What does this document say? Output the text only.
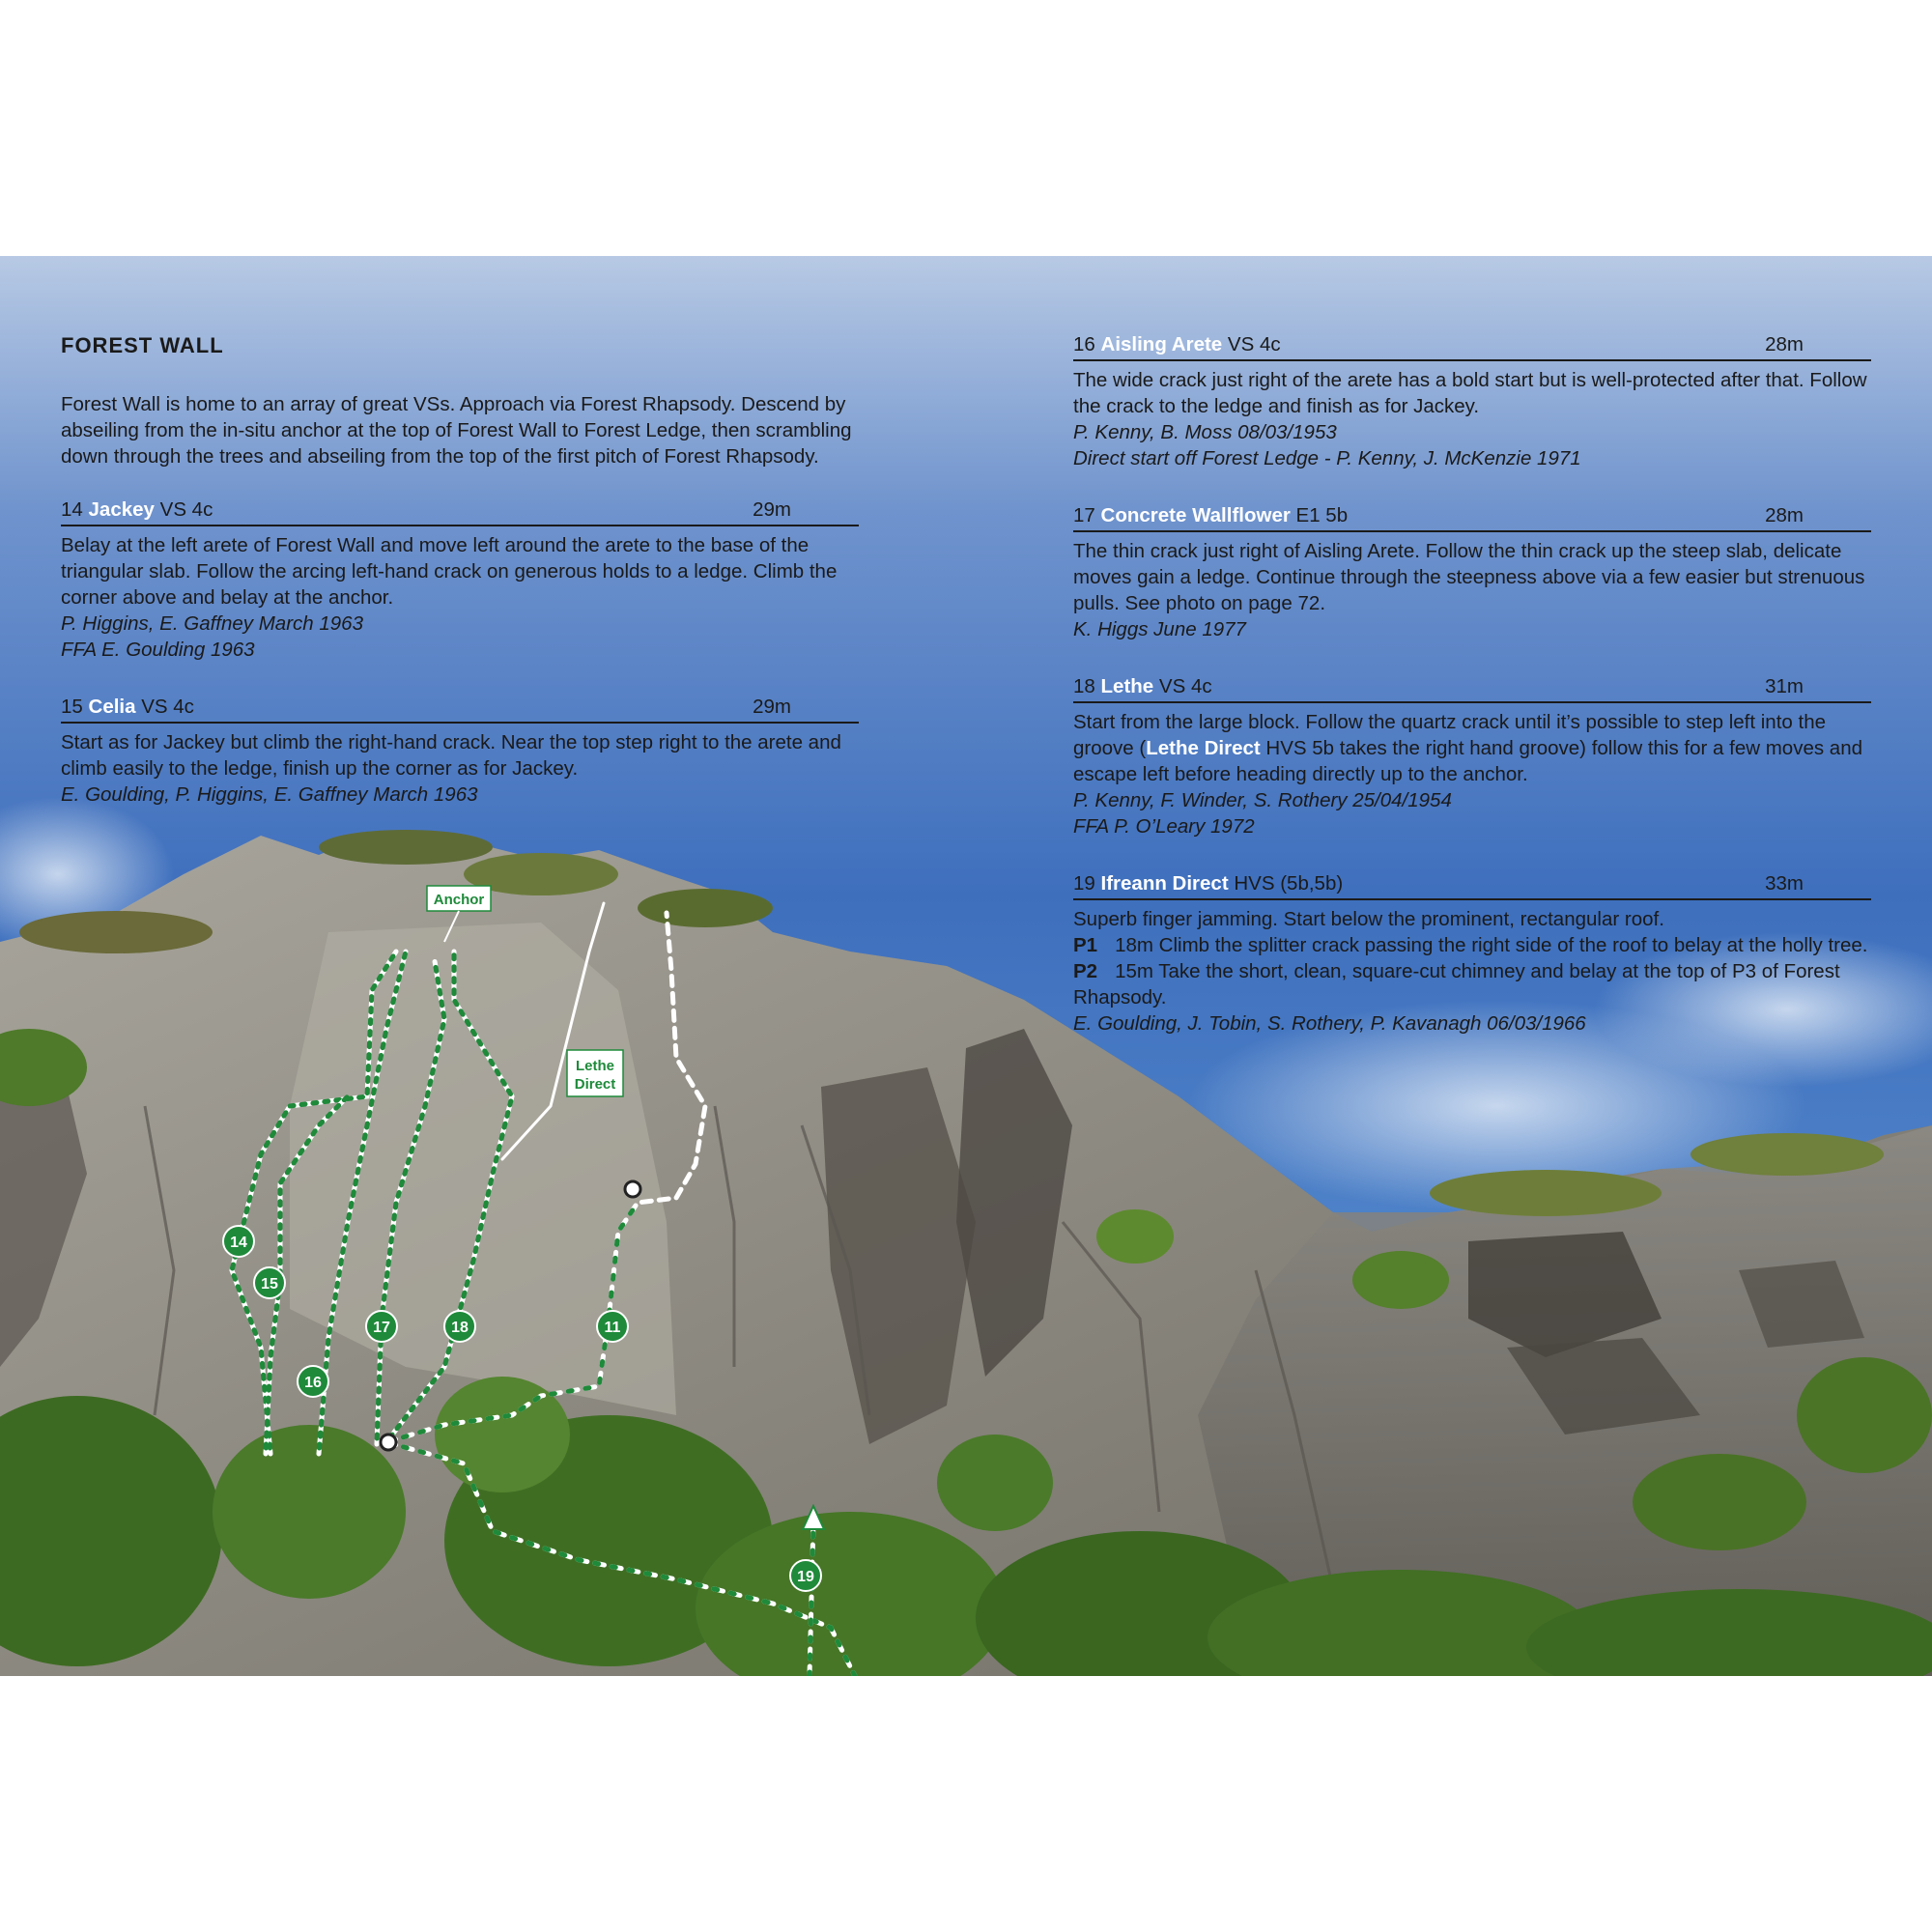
Anchor
Lethe
Direct
14
15
16
17	18	11
19
FOREST WALL
Forest Wall is home to an array of great VSs. Approach via Forest Rhapsody. Descend by abseiling from the in-situ anchor at the top of Forest Wall to Forest Ledge, then scrambling down through the trees and abseiling from the top of the first pitch of Forest Rhapsody.
14 Jackey VS 4c	29m
Belay at the left arete of Forest Wall and move left around the arete to the base of the triangular slab. Follow the arcing left-hand crack on generous holds to a ledge. Climb the corner above and belay at the anchor.
P. Higgins, E. Gaffney March 1963
FFA E. Goulding 1963
15 Celia VS 4c	29m
Start as for Jackey but climb the right-hand crack. Near the top step right to the arete and climb easily to the ledge, finish up the corner as for Jackey.
E. Goulding, P. Higgins, E. Gaffney March 1963
16 Aisling Arete VS 4c	28m
The wide crack just right of the arete has a bold start but is well-protected after that. Follow the crack to the ledge and finish as for Jackey.
P. Kenny, B. Moss 08/03/1953
Direct start off Forest Ledge - P. Kenny, J. McKenzie 1971
17 Concrete Wallflower E1 5b	28m
The thin crack just right of Aisling Arete. Follow the thin crack up the steep slab, delicate moves gain a ledge. Continue through the steepness above via a few easier but strenuous pulls. See photo on page 72.
K. Higgs June 1977
18 Lethe VS 4c	31m
Start from the large block. Follow the quartz crack until it’s possible to step left into the groove (Lethe Direct HVS 5b takes the right hand groove) follow this for a few moves and escape left before heading directly up to the anchor.
P. Kenny, F. Winder, S. Rothery 25/04/1954
FFA P. O’Leary 1972
19 Ifreann Direct HVS (5b,5b)	33m
Superb finger jamming. Start below the prominent, rectangular roof.
P1 18m Climb the splitter crack passing the right side of the roof to belay at the holly tree.
P2 15m Take the short, clean, square-cut chimney and belay at the top of P3 of Forest Rhapsody.
E. Goulding, J. Tobin, S. Rothery, P. Kavanagh 06/03/1966
